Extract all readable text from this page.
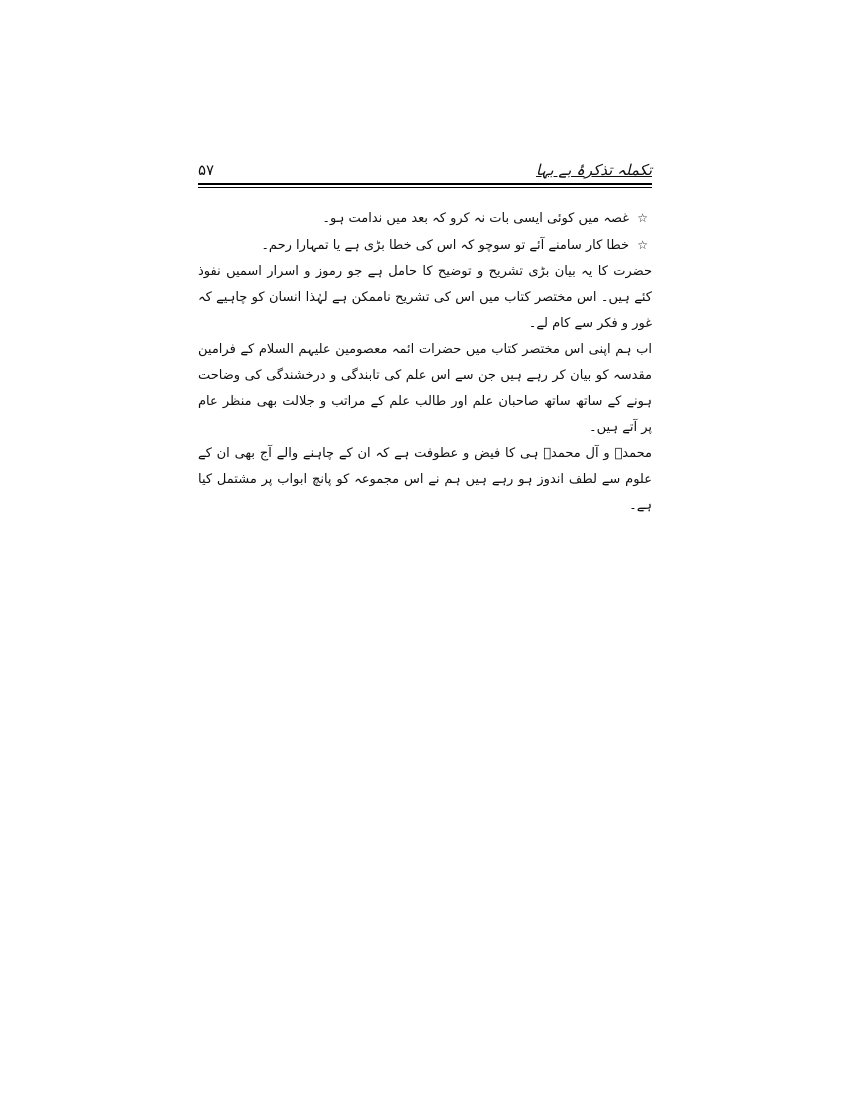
تکملہ تذکرۂ بے بہا
۵۷

☆ غصہ میں کوئی ایسی بات نہ کرو کہ بعد میں ندامت ہو۔

☆ خطا کار سامنے آئے تو سوچو کہ اس کی خطا بڑی ہے یا تمہارا رحم۔

حضرت کا یہ بیان بڑی تشریح و توضیح کا حامل ہے جو رموز و اسرار اسمیں نفوذ کئے ہیں۔ اس مختصر کتاب میں اس کی تشریح ناممکن ہے لہٰذا انسان کو چاہیے کہ غور و فکر سے کام لے۔

اب ہم اپنی اس مختصر کتاب میں حضرات ائمہ معصومین علیہم السلام کے فرامین مقدسہ کو بیان کر رہے ہیں جن سے اس علم کی تابندگی و درخشندگی کی وضاحت ہونے کے ساتھ ساتھ صاحبان علم اور طالب علم کے مراتب و جلالت بھی منظر عام پر آتے ہیں۔

محمدؐ و آل محمدؐ ہی کا فیض و عطوفت ہے کہ ان کے چاہنے والے آج بھی ان کے علوم سے لطف اندوز ہو رہے ہیں ہم نے اس مجموعہ کو پانچ ابواب پر مشتمل کیا ہے۔
